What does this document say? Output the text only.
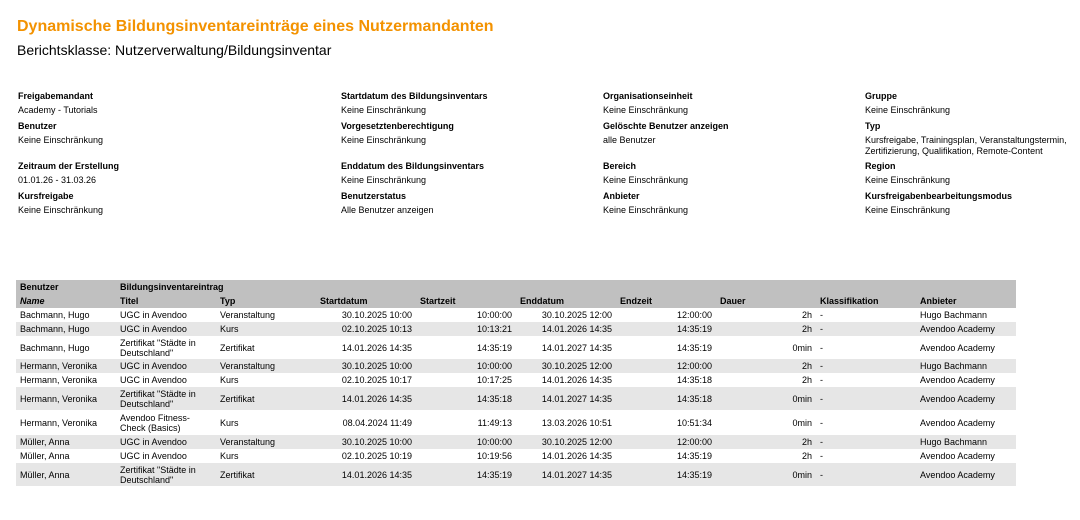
Dynamische Bildungsinventareinträge eines Nutzermandanten
Berichtsklasse: Nutzerverwaltung/Bildungsinventar
Freigabemandant
Academy - Tutorials
Benutzer
Keine Einschränkung
Zeitraum der Erstellung
01.01.26 - 31.03.26
Kursfreigabe
Keine Einschränkung
Startdatum des Bildungsinventars
Keine Einschränkung
Vorgesetztenberechtigung
Keine Einschränkung
Enddatum des Bildungsinventars
Keine Einschränkung
Benutzerstatus
Alle Benutzer anzeigen
Organisationseinheit
Keine Einschränkung
Gelöschte Benutzer anzeigen
alle Benutzer
Bereich
Keine Einschränkung
Anbieter
Keine Einschränkung
Gruppe
Keine Einschränkung
Typ
Kursfreigabe, Trainingsplan, Veranstaltungstermin, Zertifizierung, Qualifikation, Remote-Content
Region
Keine Einschränkung
Kursfreigabenbearbeitungsmodus
Keine Einschränkung
Benutzer	Bildungsinventareintrag								
Name	Titel	Typ	Startdatum	Startzeit	Enddatum	Endzeit	Dauer	Klassifikation	Anbieter
Bachmann, Hugo	UGC in Avendoo	Veranstaltung	30.10.2025 10:00	10:00:00	30.10.2025 12:00	12:00:00	2h	-	Hugo Bachmann
Bachmann, Hugo	UGC in Avendoo	Kurs	02.10.2025 10:13	10:13:21	14.01.2026 14:35	14:35:19	2h	-	Avendoo Academy
Bachmann, Hugo	Zertifikat "Städte in Deutschland"	Zertifikat	14.01.2026 14:35	14:35:19	14.01.2027 14:35	14:35:19	0min	-	Avendoo Academy
Hermann, Veronika	UGC in Avendoo	Veranstaltung	30.10.2025 10:00	10:00:00	30.10.2025 12:00	12:00:00	2h	-	Hugo Bachmann
Hermann, Veronika	UGC in Avendoo	Kurs	02.10.2025 10:17	10:17:25	14.01.2026 14:35	14:35:18	2h	-	Avendoo Academy
Hermann, Veronika	Zertifikat "Städte in Deutschland"	Zertifikat	14.01.2026 14:35	14:35:18	14.01.2027 14:35	14:35:18	0min	-	Avendoo Academy
Hermann, Veronika	Avendoo Fitness-Check (Basics)	Kurs	08.04.2024 11:49	11:49:13	13.03.2026 10:51	10:51:34	0min	-	Avendoo Academy
Müller, Anna	UGC in Avendoo	Veranstaltung	30.10.2025 10:00	10:00:00	30.10.2025 12:00	12:00:00	2h	-	Hugo Bachmann
Müller, Anna	UGC in Avendoo	Kurs	02.10.2025 10:19	10:19:56	14.01.2026 14:35	14:35:19	2h	-	Avendoo Academy
Müller, Anna	Zertifikat "Städte in Deutschland"	Zertifikat	14.01.2026 14:35	14:35:19	14.01.2027 14:35	14:35:19	0min	-	Avendoo Academy
